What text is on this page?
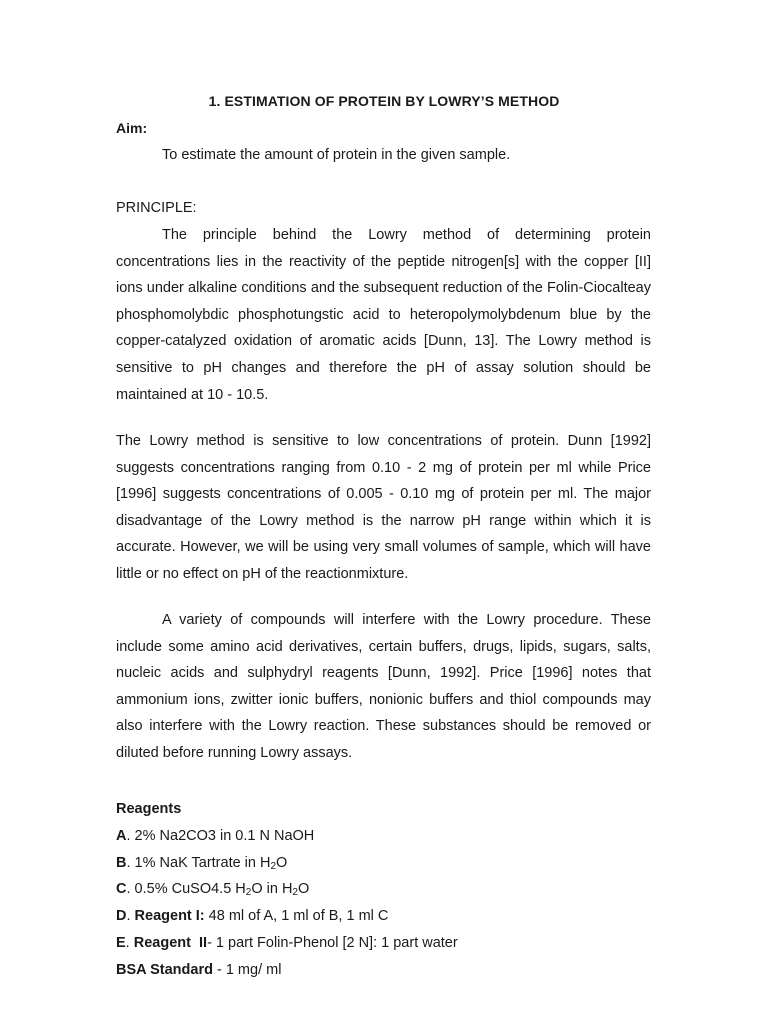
1. ESTIMATION OF PROTEIN BY LOWRY’S METHOD
Aim:
To estimate the amount of protein in the given sample.
PRINCIPLE:
The principle behind the Lowry method of determining protein concentrations lies in the reactivity of the peptide nitrogen[s] with the copper [II] ions under alkaline conditions and the subsequent reduction of the Folin-Ciocalteay phosphomolybdic phosphotungstic acid to heteropolymolybdenum blue by the copper-catalyzed oxidation of aromatic acids [Dunn, 13]. The Lowry method is sensitive to pH changes and therefore the pH of assay solution should be maintained at 10 - 10.5.
The Lowry method is sensitive to low concentrations of protein. Dunn [1992] suggests concentrations ranging from 0.10 - 2 mg of protein per ml while Price [1996] suggests concentrations of 0.005 - 0.10 mg of protein per ml. The major disadvantage of the Lowry method is the narrow pH range within which it is accurate. However, we will be using very small volumes of sample, which will have little or no effect on pH of the reactionmixture.
A variety of compounds will interfere with the Lowry procedure. These include some amino acid derivatives, certain buffers, drugs, lipids, sugars, salts, nucleic acids and sulphydryl reagents [Dunn, 1992]. Price [1996] notes that ammonium ions, zwitter ionic buffers, nonionic buffers and thiol compounds may also interfere with the Lowry reaction. These substances should be removed or diluted before running Lowry assays.
Reagents
A. 2% Na2CO3 in 0.1 N NaOH
B. 1% NaK Tartrate in $H_2O$
C. 0.5% CuSO4.5 $H_2O$ in $H_2O$
D. Reagent I: 48 ml of A, 1 ml of B, 1 ml C
E. Reagent  II- 1 part Folin-Phenol [2 N]: 1 part water
BSA Standard - 1 mg/ ml
